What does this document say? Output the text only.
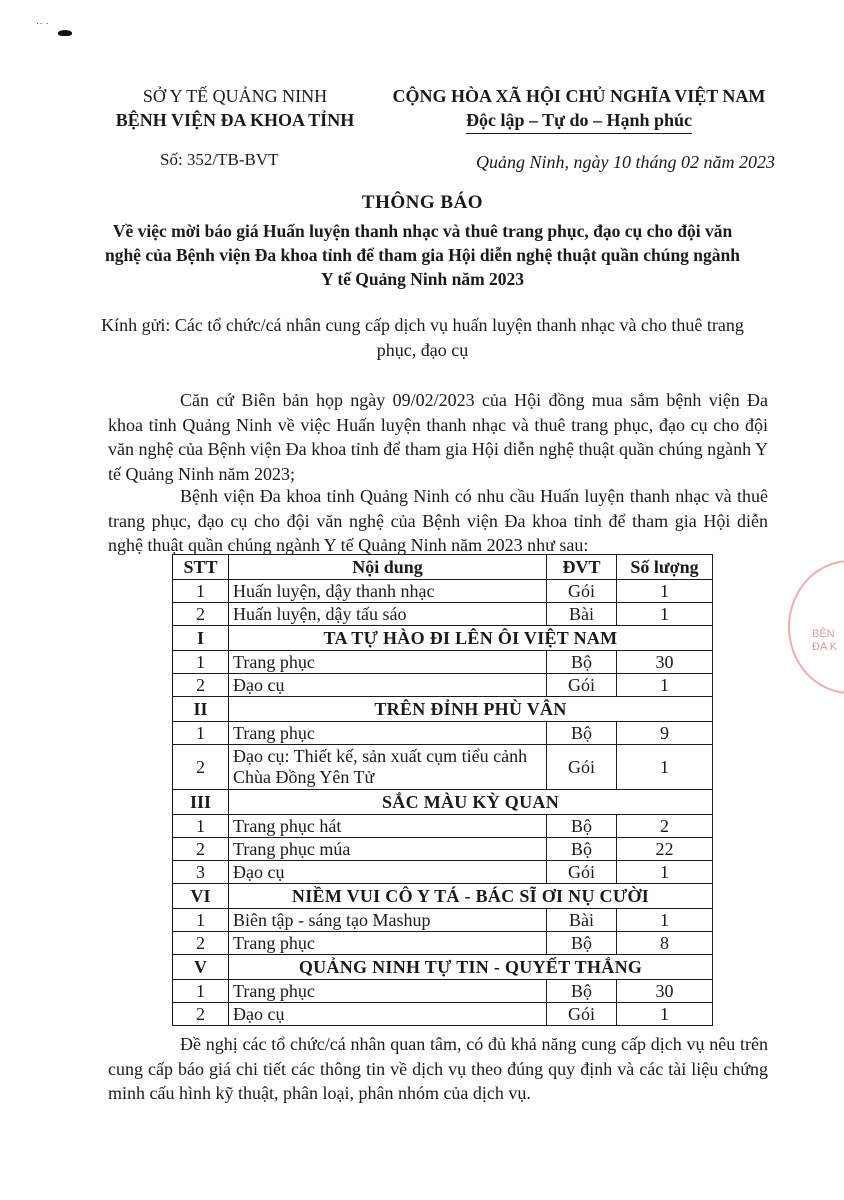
·· ·
SỞ Y TẾ QUẢNG NINH
BỆNH VIỆN ĐA KHOA TỈNH
CỘNG HÒA XÃ HỘI CHỦ NGHĨA VIỆT NAM
Độc lập – Tự do – Hạnh phúc
Số: 352/TB-BVT	Quảng Ninh, ngày 10 tháng 02 năm 2023
THÔNG BÁO
Về việc mời báo giá Huấn luyện thanh nhạc và thuê trang phục, đạo cụ cho đội văn nghệ của Bệnh viện Đa khoa tỉnh để tham gia Hội diễn nghệ thuật quần chúng ngành Y tế Quảng Ninh năm 2023
Kính gửi: Các tổ chức/cá nhân cung cấp dịch vụ huấn luyện thanh nhạc và cho thuê trang phục, đạo cụ

Căn cứ Biên bản họp ngày 09/02/2023 của Hội đồng mua sắm bệnh viện Đa khoa tỉnh Quảng Ninh về việc Huấn luyện thanh nhạc và thuê trang phục, đạo cụ cho đội văn nghệ của Bệnh viện Đa khoa tỉnh để tham gia Hội diễn nghệ thuật quần chúng ngành Y tế Quảng Ninh năm 2023;

Bệnh viện Đa khoa tỉnh Quảng Ninh có nhu cầu Huấn luyện thanh nhạc và thuê trang phục, đạo cụ cho đội văn nghệ của Bệnh viện Đa khoa tỉnh để tham gia Hội diễn nghệ thuật quần chúng ngành Y tế Quảng Ninh năm 2023 như sau:

STT	Nội dung	ĐVT	Số lượng
1	Huấn luyện, dậy thanh nhạc	Gói	1
2	Huấn luyện, dậy tấu sáo	Bài	1
I	TA TỰ HÀO ĐI LÊN ÔI VIỆT NAM		
1	Trang phục	Bộ	30
2	Đạo cụ	Gói	1
II	TRÊN ĐỈNH PHÙ VÂN		
1	Trang phục	Bộ	9
2	Đạo cụ: Thiết kế, sản xuất cụm tiểu cảnh Chùa Đồng Yên Tử	Gói	1
III	SẮC MÀU KỲ QUAN		
1	Trang phục hát	Bộ	2
2	Trang phục múa	Bộ	22
3	Đạo cụ	Gói	1
VI	NIỀM VUI CÔ Y TÁ - BÁC SĨ ƠI NỤ CƯỜI		
1	Biên tập - sáng tạo Mashup	Bài	1
2	Trang phục	Bộ	8
V	QUẢNG NINH TỰ TIN - QUYẾT THẮNG		
1	Trang phục	Bộ	30
2	Đạo cụ	Gói	1

Đề nghị các tổ chức/cá nhân quan tâm, có đủ khả năng cung cấp dịch vụ nêu trên cung cấp báo giá chi tiết các thông tin về dịch vụ theo đúng quy định và các tài liệu chứng minh cấu hình kỹ thuật, phân loại, phân nhóm của dịch vụ.

BỆN
ĐA K
